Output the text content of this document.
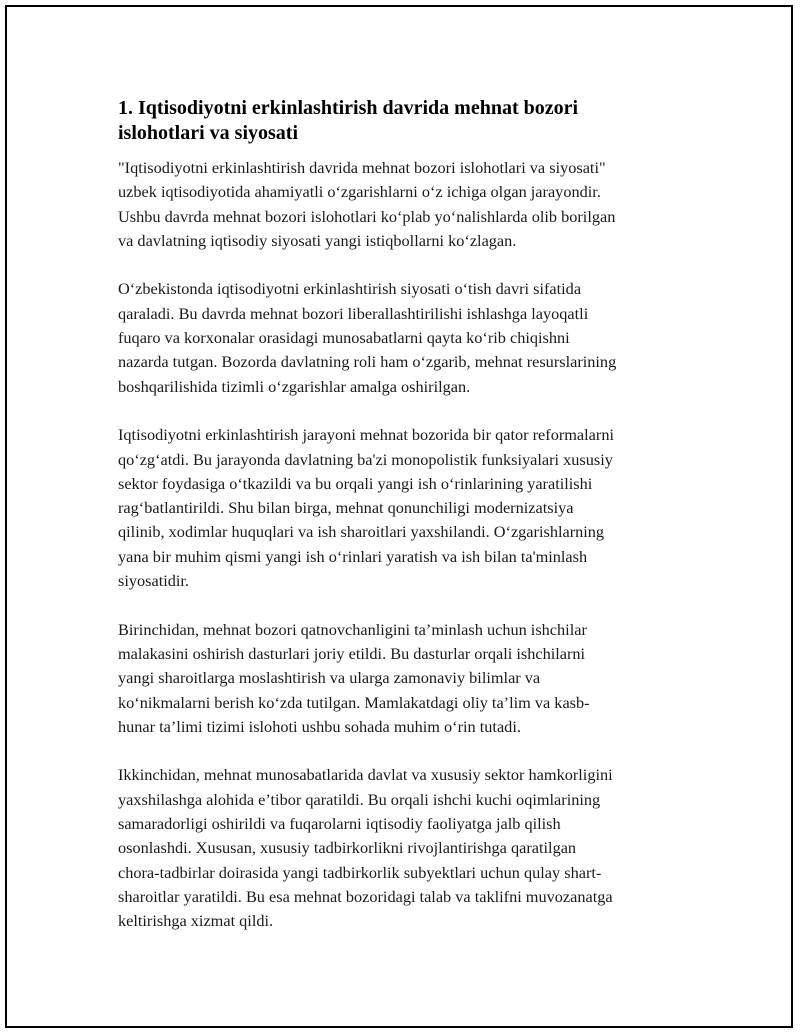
1. Iqtisodiyotni erkinlashtirish davrida mehnat bozori
islohotlari va siyosati

"Iqtisodiyotni erkinlashtirish davrida mehnat bozori islohotlari va siyosati"
uzbek iqtisodiyotida ahamiyatli o‘zgarishlarni o‘z ichiga olgan jarayondir.
Ushbu davrda mehnat bozori islohotlari ko‘plab yo‘nalishlarda olib borilgan
va davlatning iqtisodiy siyosati yangi istiqbollarni ko‘zlagan.

O‘zbekistonda iqtisodiyotni erkinlashtirish siyosati o‘tish davri sifatida
qaraladi. Bu davrda mehnat bozori liberallashtirilishi ishlashga layoqatli
fuqaro va korxonalar orasidagi munosabatlarni qayta ko‘rib chiqishni
nazarda tutgan. Bozorda davlatning roli ham o‘zgarib, mehnat resurslarining
boshqarilishida tizimli o‘zgarishlar amalga oshirilgan.

Iqtisodiyotni erkinlashtirish jarayoni mehnat bozorida bir qator reformalarni
qo‘zg‘atdi. Bu jarayonda davlatning ba'zi monopolistik funksiyalari xususiy
sektor foydasiga o‘tkazildi va bu orqali yangi ish o‘rinlarining yaratilishi
rag‘batlantirildi. Shu bilan birga, mehnat qonunchiligi modernizatsiya
qilinib, xodimlar huquqlari va ish sharoitlari yaxshilandi. O‘zgarishlarning
yana bir muhim qismi yangi ish o‘rinlari yaratish va ish bilan ta'minlash
siyosatidir.

Birinchidan, mehnat bozori qatnovchanligini ta’minlash uchun ishchilar
malakasini oshirish dasturlari joriy etildi. Bu dasturlar orqali ishchilarni
yangi sharoitlarga moslashtirish va ularga zamonaviy bilimlar va
ko‘nikmalarni berish ko‘zda tutilgan. Mamlakatdagi oliy ta’lim va kasb-
hunar ta’limi tizimi islohoti ushbu sohada muhim o‘rin tutadi.

Ikkinchidan, mehnat munosabatlarida davlat va xususiy sektor hamkorligini
yaxshilashga alohida e’tibor qaratildi. Bu orqali ishchi kuchi oqimlarining
samaradorligi oshirildi va fuqarolarni iqtisodiy faoliyatga jalb qilish
osonlashdi. Xususan, xususiy tadbirkorlikni rivojlantirishga qaratilgan
chora-tadbirlar doirasida yangi tadbirkorlik subyektlari uchun qulay shart-
sharoitlar yaratildi. Bu esa mehnat bozoridagi talab va taklifni muvozanatga
keltirishga xizmat qildi.
